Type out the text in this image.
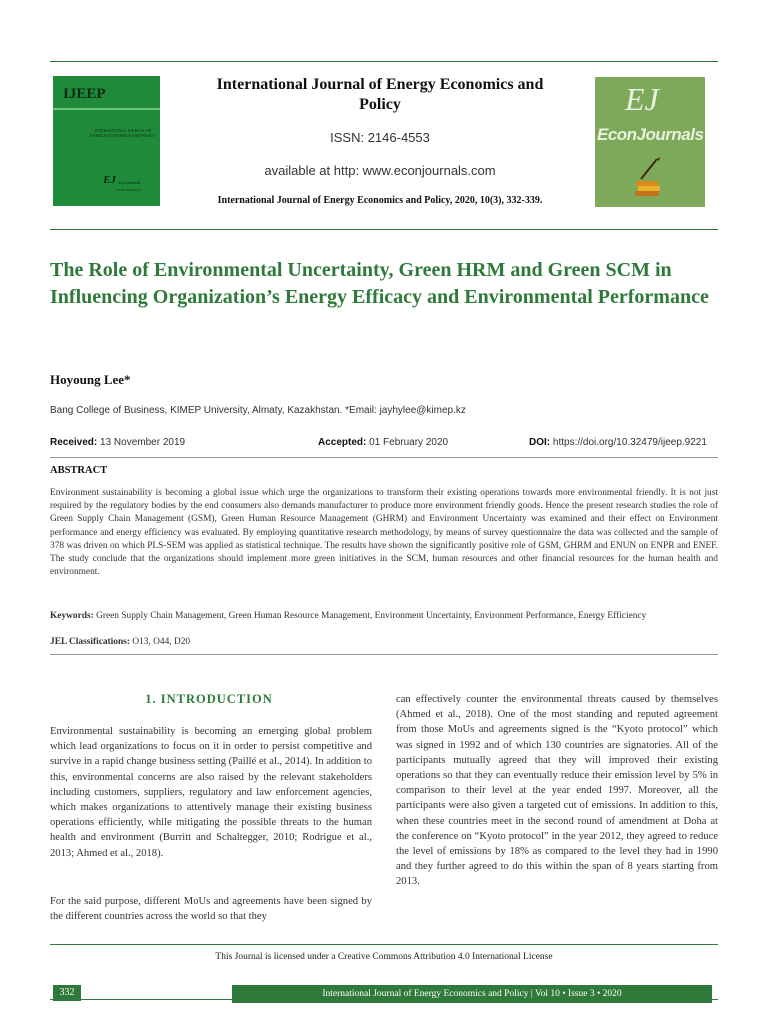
IJEEP
INTERNATIONAL JOURNAL OF ENERGY ECONOMICS AND POLICY
EJ EconJournals
ISSN: 2146-4553
International Journal of Energy Economics and Policy
ISSN: 2146-4553
available at http: www.econjournals.com
International Journal of Energy Economics and Policy, 2020, 10(3), 332-339.
EJ
EconJournals
The Role of Environmental Uncertainty, Green HRM and Green SCM in Influencing Organization’s Energy Efficacy and Environmental Performance
Hoyoung Lee*
Bang College of Business, KIMEP University, Almaty, Kazakhstan. *Email: jayhylee@kimep.kz
Received: 13 November 2019	Accepted: 01 February 2020	DOI: https://doi.org/10.32479/ijeep.9221
ABSTRACT
Environment sustainability is becoming a global issue which urge the organizations to transform their existing operations towards more environmental friendly. It is not just required by the regulatory bodies by the end consumers also demands manufacturer to produce more environment friendly goods. Hence the present research studies the role of Green Supply Chain Management (GSM), Green Human Resource Management (GHRM) and Environment Uncertainty was examined and their effect on Environment performance and energy efficiency was evaluated. By employing quantitative research methodology, by means of survey questionnaire the data was collected and the sample of 378 was driven on which PLS-SEM was applied as statistical technique. The results have shown the significantly positive role of GSM, GHRM and ENUN on ENPR and ENEF. The study conclude that the organizations should implement more green initiatives in the SCM, human resources and other financial resources for the human health and environment.
Keywords: Green Supply Chain Management, Green Human Resource Management, Environment Uncertainty, Environment Performance, Energy Efficiency
JEL Classifications: O13, O44, D20
1. INTRODUCTION
Environmental sustainability is becoming an emerging global problem which lead organizations to focus on it in order to persist competitive and survive in a rapid change business setting (Paillé et al., 2014). In addition to this, environmental concerns are also raised by the relevant stakeholders including customers, suppliers, regulatory and law enforcement agencies, which makes organizations to attentively manage their existing business operations efficiently, while mitigating the possible threats to the human health and environment (Burritt and Schaltegger, 2010; Rodrigue et al., 2013; Ahmed et al., 2018).
For the said purpose, different MoUs and agreements have been signed by the different countries across the world so that they
can effectively counter the environmental threats caused by themselves (Ahmed et al., 2018). One of the most standing and reputed agreement from those MoUs and agreements signed is the “Kyoto protocol” which was signed in 1992 and of which 130 countries are signatories. All of the participants mutually agreed that they will improved their existing operations so that they can eventually reduce their emission level by 5% in comparison to their level at the year ended 1997. Moreover, all the participants were also given a targeted cut of emissions. In addition to this, when these countries meet in the second round of amendment at Doha at the conference on “Kyoto protocol” in the year 2012, they agreed to reduce the level of emissions by 18% as compared to the level they had in 1990 and they further agreed to do this within the span of 8 years starting from 2013.
This Journal is licensed under a Creative Commons Attribution 4.0 International License
332	International Journal of Energy Economics and Policy | Vol 10 • Issue 3 • 2020
